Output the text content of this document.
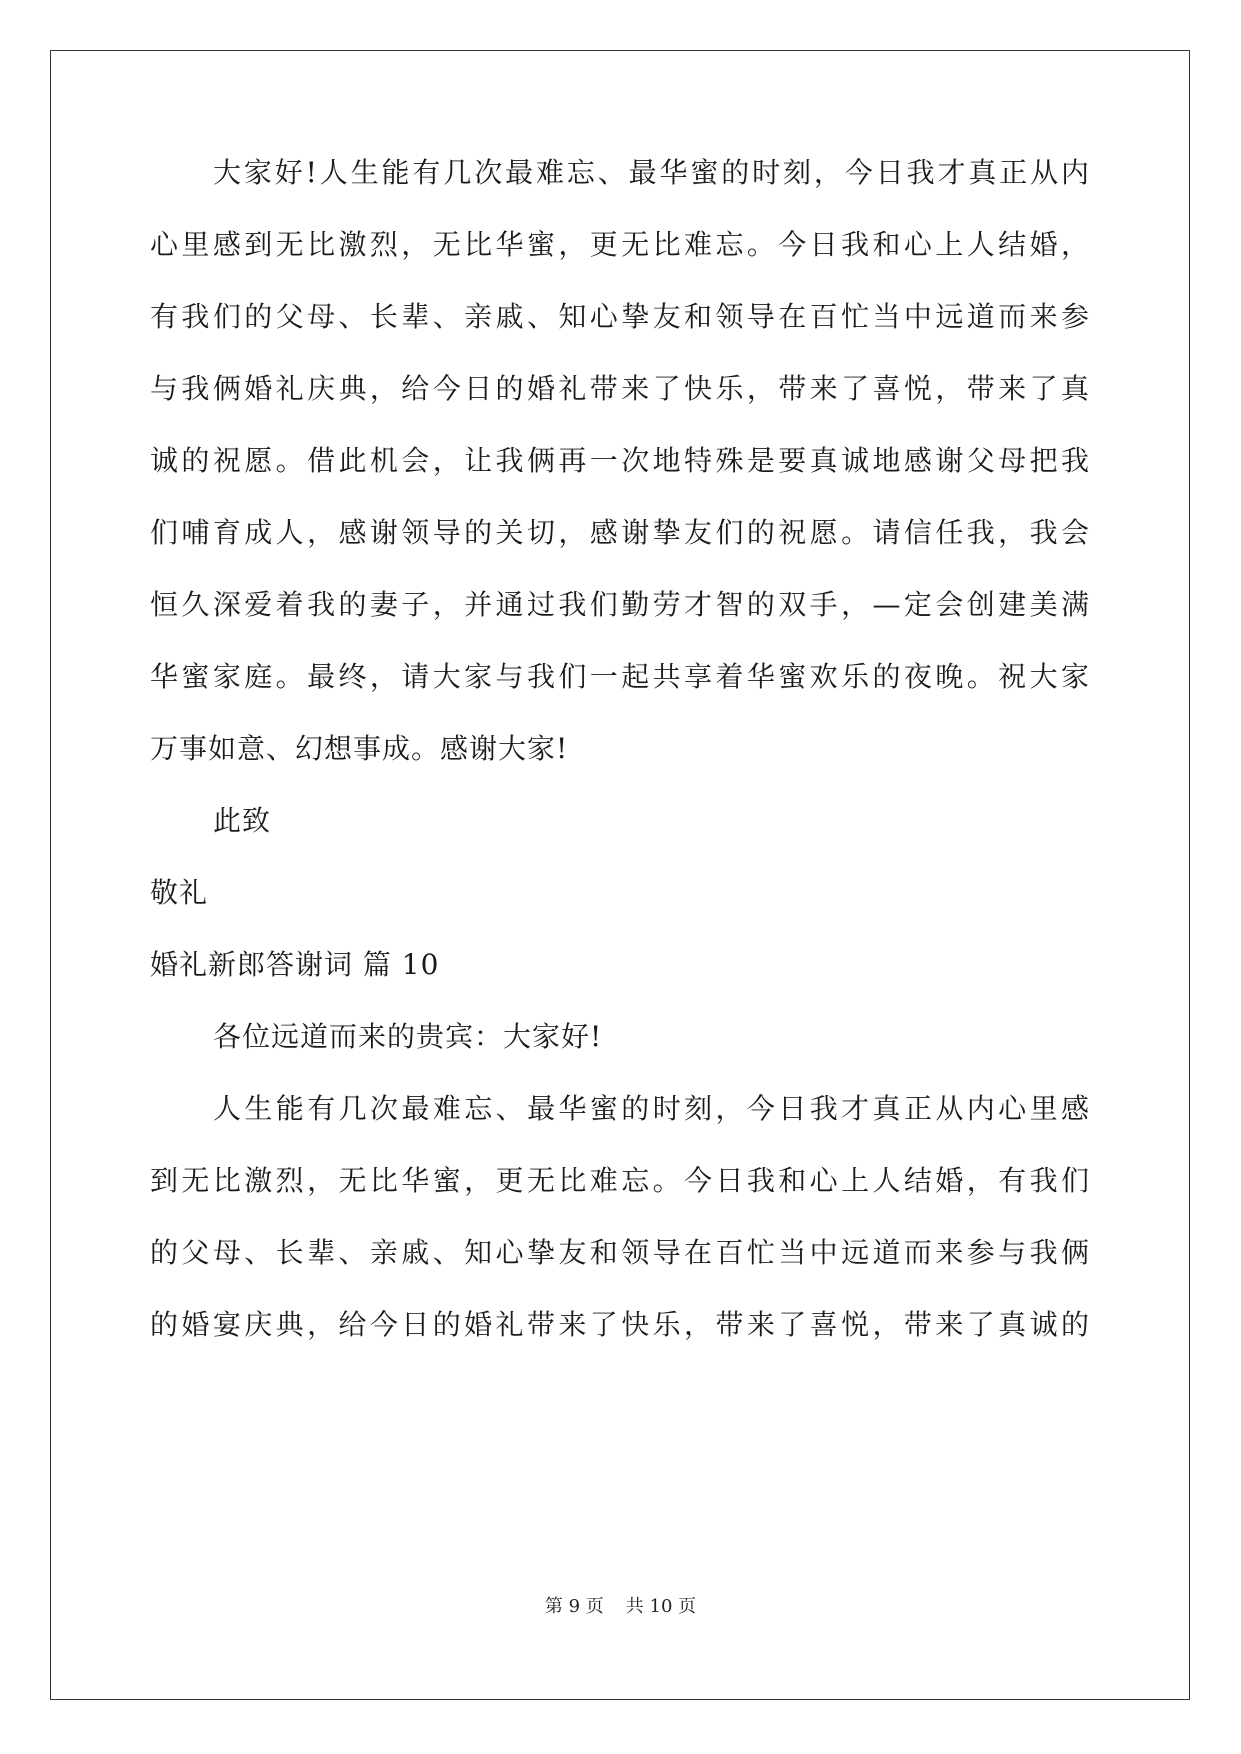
大家好!人生能有几次最难忘、最华蜜的时刻，今日我才真正从内
心里感到无比激烈，无比华蜜，更无比难忘。今日我和心上人结婚，
有我们的父母、长辈、亲戚、知心挚友和领导在百忙当中远道而来参
与我俩婚礼庆典，给今日的婚礼带来了快乐，带来了喜悦，带来了真
诚的祝愿。借此机会，让我俩再一次地特殊是要真诚地感谢父母把我
们哺育成人，感谢领导的关切，感谢挚友们的祝愿。请信任我，我会
恒久深爱着我的妻子，并通过我们勤劳才智的双手，—定会创建美满
华蜜家庭。最终，请大家与我们一起共享着华蜜欢乐的夜晚。祝大家
万事如意、幻想事成。感谢大家!
此致
敬礼
婚礼新郎答谢词 篇 10
各位远道而来的贵宾：大家好!
人生能有几次最难忘、最华蜜的时刻，今日我才真正从内心里感
到无比激烈，无比华蜜，更无比难忘。今日我和心上人结婚，有我们
的父母、长辈、亲戚、知心挚友和领导在百忙当中远道而来参与我俩
的婚宴庆典，给今日的婚礼带来了快乐，带来了喜悦，带来了真诚的
第 9 页 共 10 页
